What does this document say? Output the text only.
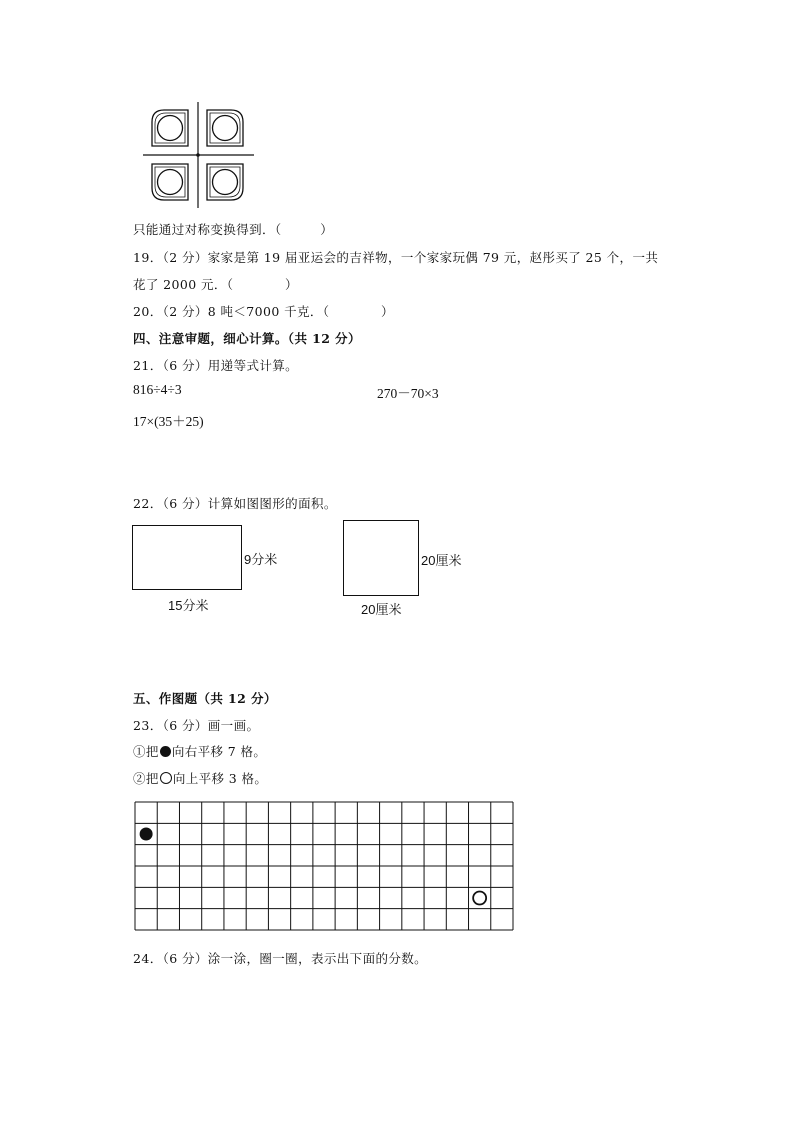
只能通过对称变换得到．（　　　）
19．（2 分）家家是第 19 届亚运会的吉祥物，一个家家玩偶 79 元，赵彤买了 25 个，一共
花了 2000 元．（　　　　）
20．（2 分）8 吨＜7000 千克．（　　　　）
四、注意审题，细心计算。（共 12 分）
21．（6 分）用递等式计算。
816÷4÷3	270－70×3
17×(35＋25)
22．（6 分）计算如图图形的面积。
9分米
15分米
20厘米
20厘米
五、作图题（共 12 分）
23．（6 分）画一画。
①把 向右平移 7 格。
②把 向上平移 3 格。
24．（6 分）涂一涂，圈一圈，表示出下面的分数。
